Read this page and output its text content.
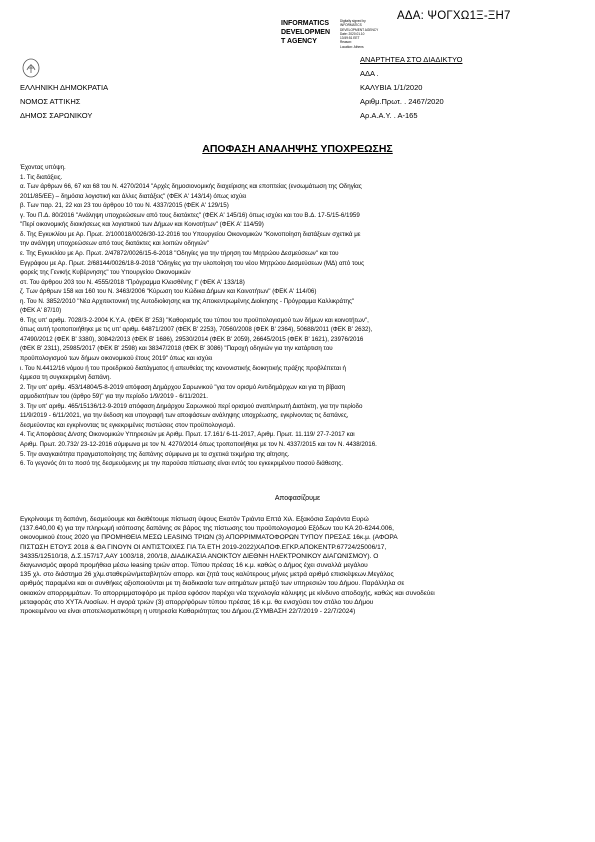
ΑΔΑ: ΨΟΓΧΩ1Ξ-ΞΗ7
INFORMATICS
DEVELOPMEN
T AGENCY
Digitally signed by
INFORMATICS
DEVELOPMENT AGENCY
Date: 2020.01.10
13:59:51 EET
Reason:
Location: Athens
ΕΛΛΗΝΙΚΗ ΔΗΜΟΚΡΑΤΙΑ
ΝΟΜΟΣ ΑΤΤΙΚΗΣ
ΔΗΜΟΣ ΣΑΡΩΝΙΚΟΥ
ΑΝΑΡΤΗΤΕΑ ΣΤΟ ΔΙΑΔΙΚΤΥΟ
ΑΔΑ .
ΚΑΛΥΒΙΑ 1/1/2020
Αριθμ.Πρωτ. . 2467/2020
Αρ.Α.Α.Υ. . Α-165
ΑΠΟΦΑΣΗ ΑΝΑΛΗΨΗΣ ΥΠΟΧΡΕΩΣΗΣ
Έχοντας υπόψη.
1. Τις διατάξεις.
α. Των άρθρων 66, 67 και 68 του Ν. 4270/2014 "Αρχές δημοσιονομικής διαχείρισης και εποπτείας (ενσωμάτωση της Οδηγίας
2011/85/ΕΕ) – δημόσια λογιστική και άλλες διατάξεις" (ΦΕΚ Α' 143/14) όπως ισχύει
β. Των παρ. 21, 22 και 23 του άρθρου 10 του Ν. 4337/2015 (ΦΕΚ Α' 129/15)
γ. Του Π.Δ. 80/2016 "Ανάληψη υποχρεώσεων από τους διατάκτες" (ΦΕΚ Α' 145/16) όπως ισχύει και του Β.Δ. 17-5/15-6/1959
"Περί οικονομικής διοικήσεως και λογιστικού των Δήμων και Κοινοτήτων" (ΦΕΚ Α' 114/59)
δ. Της Εγκυκλίου με Αρ. Πρωτ. 2/100018/0026/30-12-2016 του Υπουργείου Οικονομικών "Κοινοποίηση διατάξεων σχετικά με
την ανάληψη υποχρεώσεων από τους διατάκτες και λοιπών οδηγιών"
ε. Της Εγκυκλίου με Αρ. Πρωτ. 2/47872/0026/15-6-2018 "Οδηγίες για την τήρηση του Μητρώου Δεσμεύσεων" και του
Εγγράφου με Αρ. Πρωτ. 2/68144/0026/18-9-2018 "Οδηγίες για την υλοποίηση του νέου Μητρώου Δεσμεύσεων (ΜΔ) από τους
φορείς της Γενικής Κυβέρνησης" του Υπουργείου Οικονομικών
στ. Του άρθρου 203 του Ν. 4555/2018 "Πρόγραμμα Κλεισθένης Ι" (ΦΕΚ Α' 133/18)
ζ. Των άρθρων 158 και 160 του Ν. 3463/2006 "Κύρωση του Κώδικα Δήμων και Κοινοτήτων" (ΦΕΚ Α' 114/06)
η. Του Ν. 3852/2010 "Νέα Αρχιτεκτονική της Αυτοδιοίκησης και της Αποκεντρωμένης Διοίκησης - Πρόγραμμα Καλλικράτης"
(ΦΕΚ Α' 87/10)
θ. Της υπ' αριθμ. 7028/3-2-2004 Κ.Υ.Α. (ΦΕΚ Β' 253) "Καθορισμός του τύπου του προϋπολογισμού των δήμων και κοινοτήτων",
όπως αυτή τροποποιήθηκε με τις υπ' αριθμ. 64871/2007 (ΦΕΚ Β' 2253), 70560/2008 (ΦΕΚ Β' 2364), 50688/2011 (ΦΕΚ Β' 2632),
47490/2012 (ΦΕΚ Β' 3380), 30842/2013 (ΦΕΚ Β' 1686), 29530/2014 (ΦΕΚ Β' 2059), 26645/2015 (ΦΕΚ Β' 1621), 23976/2016
(ΦΕΚ Β' 2311), 25985/2017 (ΦΕΚ Β' 2598) και 38347/2018 (ΦΕΚ Β' 3086) "Παροχή οδηγιών για την κατάρτιση του
προϋπολογισμού των δήμων οικονομικού έτους 2019" όπως και ισχύει
ι. Του Ν.4412/16 νόμου ή του προεδρικού διατάγματος ή απευθείας της κανονιστικής διοικητικής πράξης προβλέπεται ή
έμμεσα τη συγκεκριμένη δαπάνη.
2. Την υπ' αριθμ. 453/14804/5-8-2019 απόφαση Δημάρχου Σαρωνικού "για τον ορισμό Αντιδημάρχων και για τη βίβαση
αρμοδιοτήτων του (άρθρο 59)" για την περίοδο 1/9/2019 - 6/11/2021.
3. Την υπ' αριθμ. 465/15136/12-9-2019 απόφαση Δημάρχου Σαρωνικού περί ορισμού αναπληρωτή Διατάκτη, για την περίοδο
11/9/2019 - 6/11/2021, για την έκδοση και υπογραφή των αποφάσεων ανάληψης υποχρέωσης, εγκρίνοντας τις δαπάνες,
δεσμεύοντας και εγκρίνοντας τις εγκεκριμένες πιστώσεις στον προϋπολογισμό.
4. Τις Αποφάσεις Δ/νσης Οικονομικών Υπηρεσιών με Αριθμ. Πρωτ. 17.161/ 6-11-2017, Αριθμ. Πρωτ. 11.119/ 27-7-2017 και
Αριθμ. Πρωτ. 20.732/ 23-12-2016 σύμφωνα με τον Ν. 4270/2014 όπως τροποποιήθηκε με τον Ν. 4337/2015 και τον Ν. 4438/2016.
5. Την αναγκαιότητα πραγματοποίησης της δαπάνης σύμφωνα με τα σχετικά τεκμήρια της αίτησης.
6. Το γεγονός ότι το ποσό της δεσμευόμενης με την παρούσα πίστωσης είναι εντός του εγκεκριμένου ποσού διάθεσης.
Αποφασίζουμε
Εγκρίνουμε τη δαπάνη, δεσμεύουμε και διαθέτουμε πίστωση ύψους Εκατόν Τριάντα Επτά Χιλ. Εξακόσια Σαράντα Ευρώ
(137.640,00 €) για την πληρωμή ισόποσης δαπάνης σε βάρος της πίστωσης του προϋπολογισμού Εξόδων του ΚΑ 20-6244.006,
οικονομικού έτους 2020 για ΠΡΟΜΗΘΕΙΑ ΜΕΣΩ LEASING ΤΡΙΩΝ (3) ΑΠΟΡΡΙΜΜΑΤΟΦΟΡΩΝ ΤΥΠΟΥ ΠΡΕΣΑΣ 16κ.μ. (ΑΦΟΡΑ
ΠΙΣΤΩΣΗ ΕΤΟΥΣ 2018 & ΘΑ ΓΙΝΟΥΝ ΟΙ ΑΝΤΙΣΤΟΙΧΕΣ ΓΙΑ ΤΑ ΕΤΗ 2019-2022)ΧΑΠΟΦ.ΕΓΚΡ.ΑΠΟΚΕΝΤΡ.67724/25006/17,
34335/12510/18, Δ.Σ.157/17,ΑΑΥ 1003/18, 200/18, ΔΙΑΔΙΚΑΣΙΑ ΑΝΟΙΚΤΟΥ ΔΙΕΘΝΗ ΗΛΕΚΤΡΟΝΙΚΟΥ ΔΙΑΓΩΝΙΣΜΟΥ). Ο
διαγωνισμός αφορά προμήθεια μέσω leasing τριών απορ. Τύπου πρέσας 16 κ.μ. καθώς ο Δήμος έχει συναλλά μεγάλου
135 χλ. στο διάστημα 26 χλμ.σταθερών/μεταβλητών απορρ. και ζητά τους καλύτερους μήνες μετρά αριθμό επισκέψεων.Μεγάλος
αριθμός παραμένει και οι συνθήκες αξιοποιούνται με τη διαδικασία των αιτημάτων μεταξύ των υπηρεσιών του Δήμου. Παράλληλα σε
οικιακών απορριμμάτων. Το απορριμματοφόρο με πρέσα εφόσον παρέχει νέα τεχνολογία κάλυψης με κίνδυνο αποδοχής, καθώς και συνοδεύει
μεταφοράς στο ΧΥΤΑ Λιοσίων. Η αγορά τριών (3) απορρ/φόρων τύπου πρέσας 16 κ.μ. θα ενισχύσει τον στόλο του Δήμου
προκειμένου να είναι αποτελεσματικότερη η υπηρεσία Καθαριότητας του Δήμου.(ΣΥΜΒΑΣΗ 22/7/2019 - 22/7/2024)
